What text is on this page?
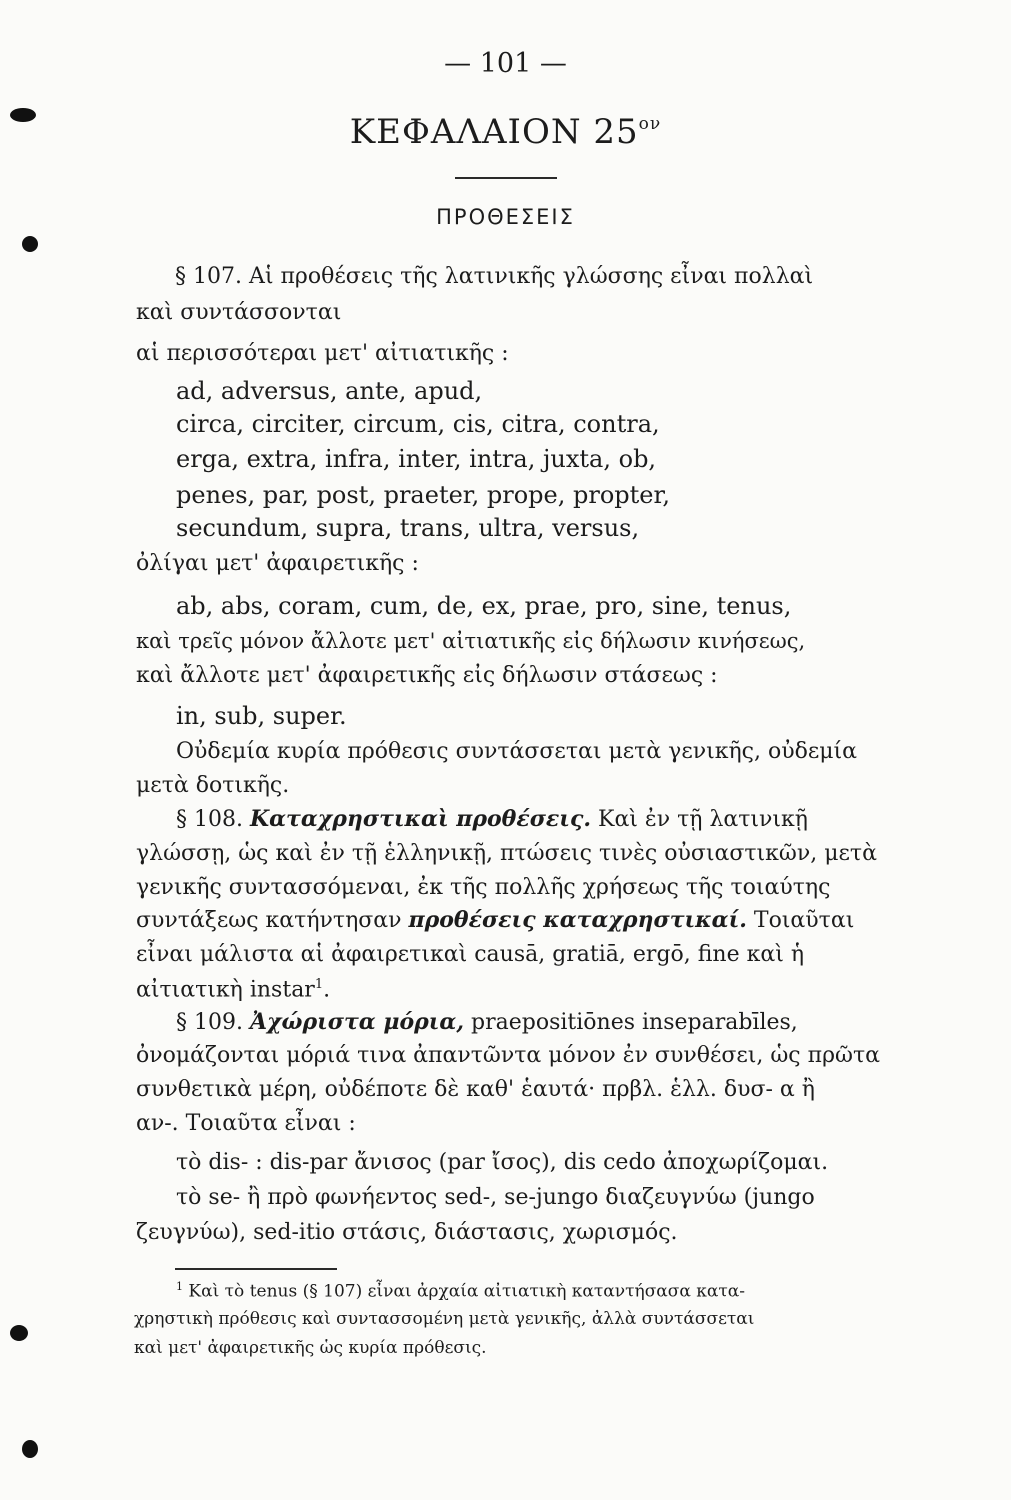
— 101 —
ΚΕΦΑΛΑΙΟΝ $25^{o\nu}$
ΠΡΟΘΕΣΕΙΣ
§ 107. Αἱ προθέσεις τῆς λατινικῆς γλώσσης εἶναι πολλαὶ
καὶ συντάσσονται
αἱ περισσότεραι μετ' αἰτιατικῆς :
ad, adversus, ante, apud,
circa, circiter, circum, cis, citra, contra,
erga, extra, infra, inter, intra, juxta, ob,
penes, par, post, praeter, prope, propter,
secundum, supra, trans, ultra, versus,
ὀλίγαι μετ' ἀφαιρετικῆς :
ab, abs, coram, cum, de, ex, prae, pro, sine, tenus,
καὶ τρεῖς μόνον ἄλλοτε μετ' αἰτιατικῆς εἰς δήλωσιν κινήσεως,
καὶ ἄλλοτε μετ' ἀφαιρετικῆς εἰς δήλωσιν στάσεως :
in, sub, super.
Οὐδεμία κυρία πρόθεσις συντάσσεται μετὰ γενικῆς, οὐδεμία
μετὰ δοτικῆς.
§ 108. Καταχρηστικαὶ προθέσεις. Καὶ ἐν τῇ λατινικῇ
γλώσσῃ, ὡς καὶ ἐν τῇ ἑλληνικῇ, πτώσεις τινὲς οὐσιαστικῶν, μετὰ
γενικῆς συντασσόμεναι, ἐκ τῆς πολλῆς χρήσεως τῆς τοιαύτης
συντάξεως κατήντησαν προθέσεις καταχρηστικαί. Τοιαῦται
εἶναι μάλιστα αἱ ἀφαιρετικαὶ causā, gratiā, ergō, fine καὶ ἡ
αἰτιατικὴ instar$^1$.
§ 109. Ἀχώριστα μόρια, praepositiōnes inseparabīles,
ὀνομάζονται μόριά τινα ἀπαντῶντα μόνον ἐν συνθέσει, ὡς πρῶτα
συνθετικὰ μέρη, οὐδέποτε δὲ καθ' ἑαυτά· πρβλ. ἑλλ. δυσ- α ἢ
αν-. Τοιαῦτα εἶναι :
τὸ dis- : dis-par ἄνισος (par ἴσος), dis cedo ἀποχωρίζομαι.
τὸ se- ἢ πρὸ φωνήεντος sed-, se-jungo διαζευγνύω (jungo
ζευγνύω), sed-itio στάσις, διάστασις, χωρισμός.
$^1$ Καὶ τὸ tenus (§ 107) εἶναι ἀρχαία αἰτιατικὴ καταντήσασα κατα-
χρηστικὴ πρόθεσις καὶ συντασσομένη μετὰ γενικῆς, ἀλλὰ συντάσσεται
καὶ μετ' ἀφαιρετικῆς ὡς κυρία πρόθεσις.
